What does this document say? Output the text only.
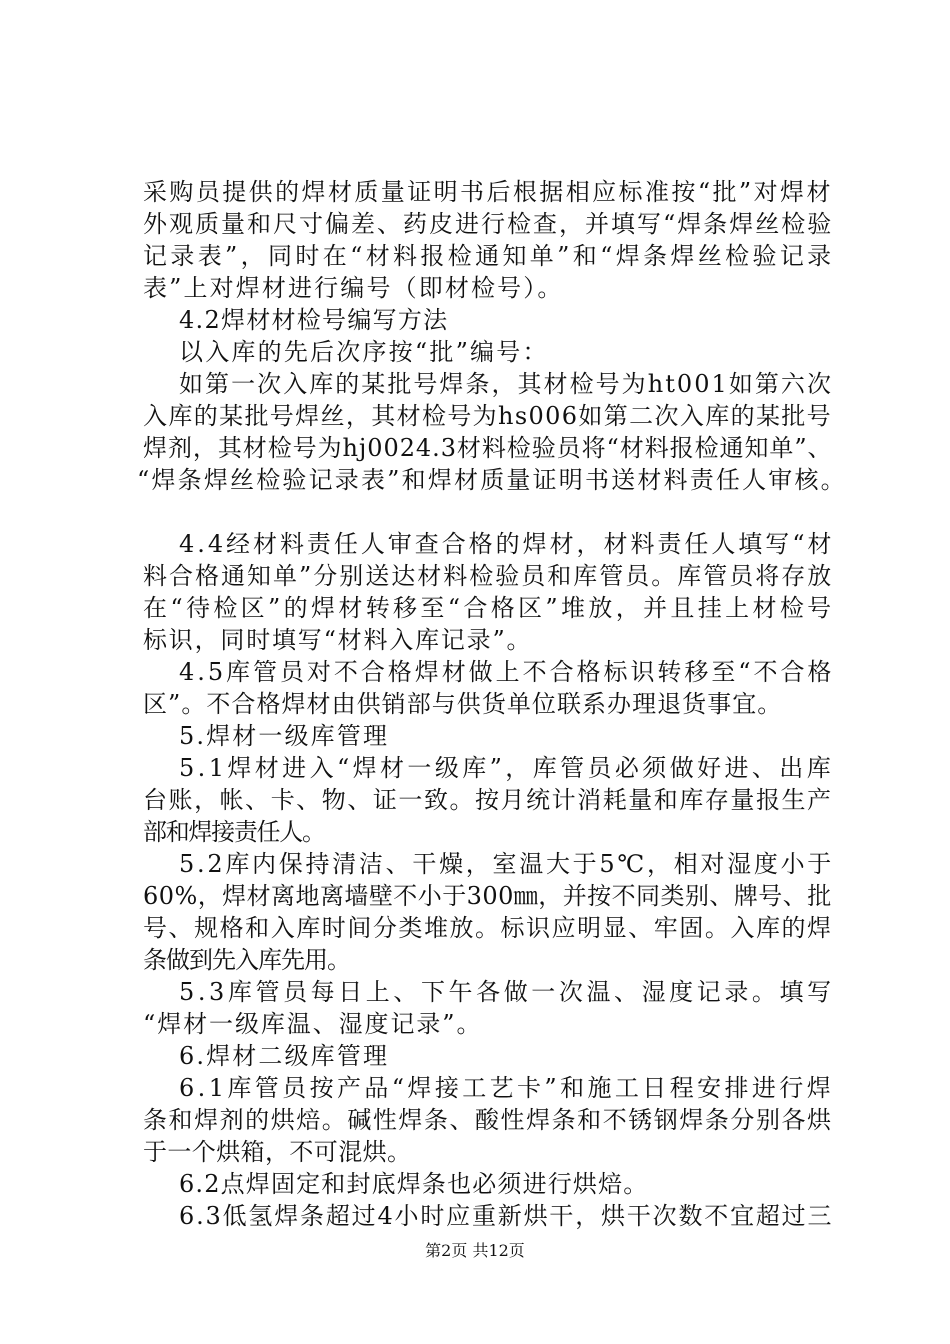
采购员提供的焊材质量证明书后根据相应标准按“批”对焊材
外观质量和尺寸偏差、药皮进行检查，并填写“焊条焊丝检验
记录表”，同时在“材料报检通知单”和“焊条焊丝检验记录
表”上对焊材进行编号（即材检号）。
4.2焊材材检号编写方法
以入库的先后次序按“批”编号：
如第一次入库的某批号焊条，其材检号为ht001如第六次
入库的某批号焊丝，其材检号为hs006如第二次入库的某批号
焊剂，其材检号为hj0024.3材料检验员将“材料报检通知单”、
“焊条焊丝检验记录表”和焊材质量证明书送材料责任人审核。
4.4经材料责任人审查合格的焊材，材料责任人填写“材
料合格通知单”分别送达材料检验员和库管员。库管员将存放
在“待检区”的焊材转移至“合格区”堆放，并且挂上材检号
标识，同时填写“材料入库记录”。
4.5库管员对不合格焊材做上不合格标识转移至“不合格
区”。不合格焊材由供销部与供货单位联系办理退货事宜。
5.焊材一级库管理
5.1焊材进入“焊材一级库”，库管员必须做好进、出库
台账，帐、卡、物、证一致。按月统计消耗量和库存量报生产
部和焊接责任人。
5.2库内保持清洁、干燥，室温大于5℃，相对湿度小于
60%，焊材离地离墙壁不小于300㎜，并按不同类别、牌号、批
号、规格和入库时间分类堆放。标识应明显、牢固。入库的焊
条做到先入库先用。
5.3库管员每日上、下午各做一次温、湿度记录。填写
“焊材一级库温、湿度记录”。
6.焊材二级库管理
6.1库管员按产品“焊接工艺卡”和施工日程安排进行焊
条和焊剂的烘焙。碱性焊条、酸性焊条和不锈钢焊条分别各烘
于一个烘箱，不可混烘。
6.2点焊固定和封底焊条也必须进行烘焙。
6.3低氢焊条超过4小时应重新烘干，烘干次数不宜超过三
第2页 共12页
